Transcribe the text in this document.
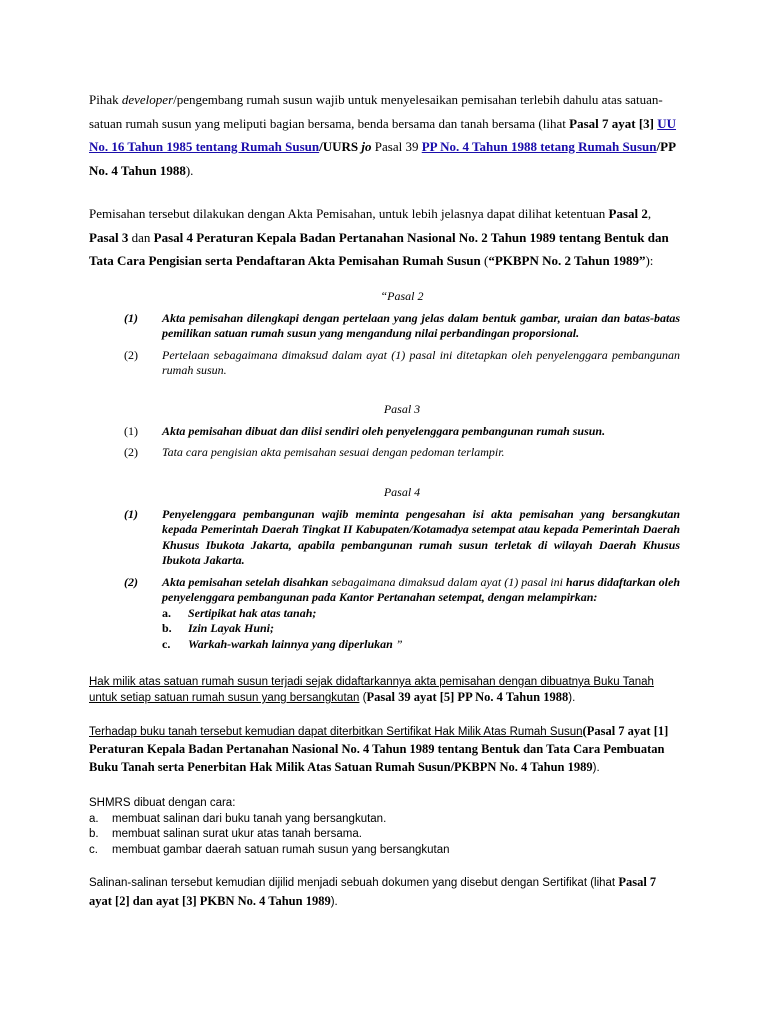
Pihak developer/pengembang rumah susun wajib untuk menyelesaikan pemisahan terlebih dahulu atas satuan-satuan rumah susun yang meliputi bagian bersama, benda bersama dan tanah bersama (lihat Pasal 7 ayat [3] UU No. 16 Tahun 1985 tentang Rumah Susun/UURS jo Pasal 39 PP No. 4 Tahun 1988 tetang Rumah Susun/PP No. 4 Tahun 1988).

Pemisahan tersebut dilakukan dengan Akta Pemisahan, untuk lebih jelasnya dapat dilihat ketentuan Pasal 2, Pasal 3 dan Pasal 4 Peraturan Kepala Badan Pertanahan Nasional No. 2 Tahun 1989 tentang Bentuk dan Tata Cara Pengisian serta Pendaftaran Akta Pemisahan Rumah Susun (“PKBPN No. 2 Tahun 1989”):

“Pasal 2
(1)	Akta pemisahan dilengkapi dengan pertelaan yang jelas dalam bentuk gambar, uraian dan batas-batas pemilikan satuan rumah susun yang mengandung nilai perbandingan proporsional.
(2)	Pertelaan sebagaimana dimaksud dalam ayat (1) pasal ini ditetapkan oleh penyelenggara pembangunan rumah susun.
Pasal 3
(1)	Akta pemisahan dibuat dan diisi sendiri oleh penyelenggara pembangunan rumah susun.
(2)	Tata cara pengisian akta pemisahan sesuai dengan pedoman terlampir.
Pasal 4
(1)	Penyelenggara pembangunan wajib meminta pengesahan isi akta pemisahan yang bersangkutan kepada Pemerintah Daerah Tingkat II Kabupaten/Kotamadya setempat atau kepada Pemerintah Daerah Khusus Ibukota Jakarta, apabila pembangunan rumah susun terletak di wilayah Daerah Khusus Ibukota Jakarta.
(2)	Akta pemisahan setelah disahkan sebagaimana dimaksud dalam ayat (1) pasal ini harus didaftarkan oleh penyelenggara pembangunan pada Kantor Pertanahan setempat, dengan melampirkan:
a.	Sertipikat hak atas tanah;
b.	Izin Layak Huni;
c.	Warkah-warkah lainnya yang diperlukan ”

Hak milik atas satuan rumah susun terjadi sejak didaftarkannya akta pemisahan dengan dibuatnya Buku Tanah untuk setiap satuan rumah susun yang bersangkutan (Pasal 39 ayat [5] PP No. 4 Tahun 1988).

Terhadap buku tanah tersebut kemudian dapat diterbitkan Sertifikat Hak Milik Atas Rumah Susun(Pasal 7 ayat [1] Peraturan Kepala Badan Pertanahan Nasional No. 4 Tahun 1989 tentang Bentuk dan Tata Cara Pembuatan Buku Tanah serta Penerbitan Hak Milik Atas Satuan Rumah Susun/PKBPN No. 4 Tahun 1989).

SHMRS dibuat dengan cara:
a.	membuat salinan dari buku tanah yang bersangkutan.
b.	membuat salinan surat ukur atas tanah bersama.
c.	membuat gambar daerah satuan rumah susun yang bersangkutan

Salinan-salinan tersebut kemudian dijilid menjadi sebuah dokumen yang disebut dengan Sertifikat (lihat Pasal 7 ayat [2] dan ayat [3] PKBN No. 4 Tahun 1989).
